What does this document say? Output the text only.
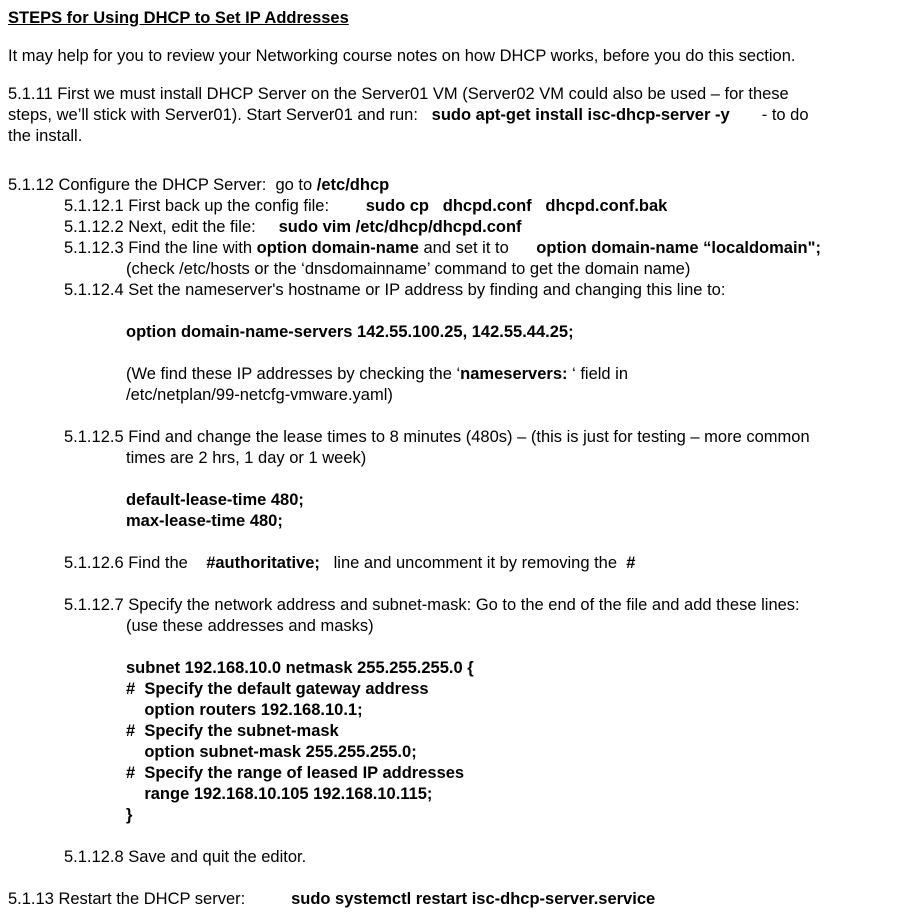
STEPS for Using DHCP to Set IP Addresses
It may help for you to review your Networking course notes on how DHCP works, before you do this section.
5.1.11 First we must install DHCP Server on the Server01 VM (Server02 VM could also be used – for these
steps, we’ll stick with Server01). Start Server01 and run:   sudo apt-get install isc-dhcp-server -y       - to do
the install.
5.1.12 Configure the DHCP Server:  go to /etc/dhcp
5.1.12.1 First back up the config file:        sudo cp   dhcpd.conf   dhcpd.conf.bak
5.1.12.2 Next, edit the file:     sudo vim /etc/dhcp/dhcpd.conf
5.1.12.3 Find the line with option domain-name and set it to      option domain-name “localdomain";
(check /etc/hosts or the ‘dnsdomainname’ command to get the domain name)
5.1.12.4 Set the nameserver's hostname or IP address by finding and changing this line to:
option domain-name-servers 142.55.100.25, 142.55.44.25;
(We find these IP addresses by checking the ‘nameservers: ‘ field in
/etc/netplan/99-netcfg-vmware.yaml)
5.1.12.5 Find and change the lease times to 8 minutes (480s) – (this is just for testing – more common
times are 2 hrs, 1 day or 1 week)
default-lease-time 480;
max-lease-time 480;
5.1.12.6 Find the    #authoritative;   line and uncomment it by removing the  #
5.1.12.7 Specify the network address and subnet-mask: Go to the end of the file and add these lines:
(use these addresses and masks)
subnet 192.168.10.0 netmask 255.255.255.0 {
#  Specify the default gateway address
option routers 192.168.10.1;
#  Specify the subnet-mask
option subnet-mask 255.255.255.0;
#  Specify the range of leased IP addresses
range 192.168.10.105 192.168.10.115;
}
5.1.12.8 Save and quit the editor.
5.1.13 Restart the DHCP server:          sudo systemctl restart isc-dhcp-server.service
